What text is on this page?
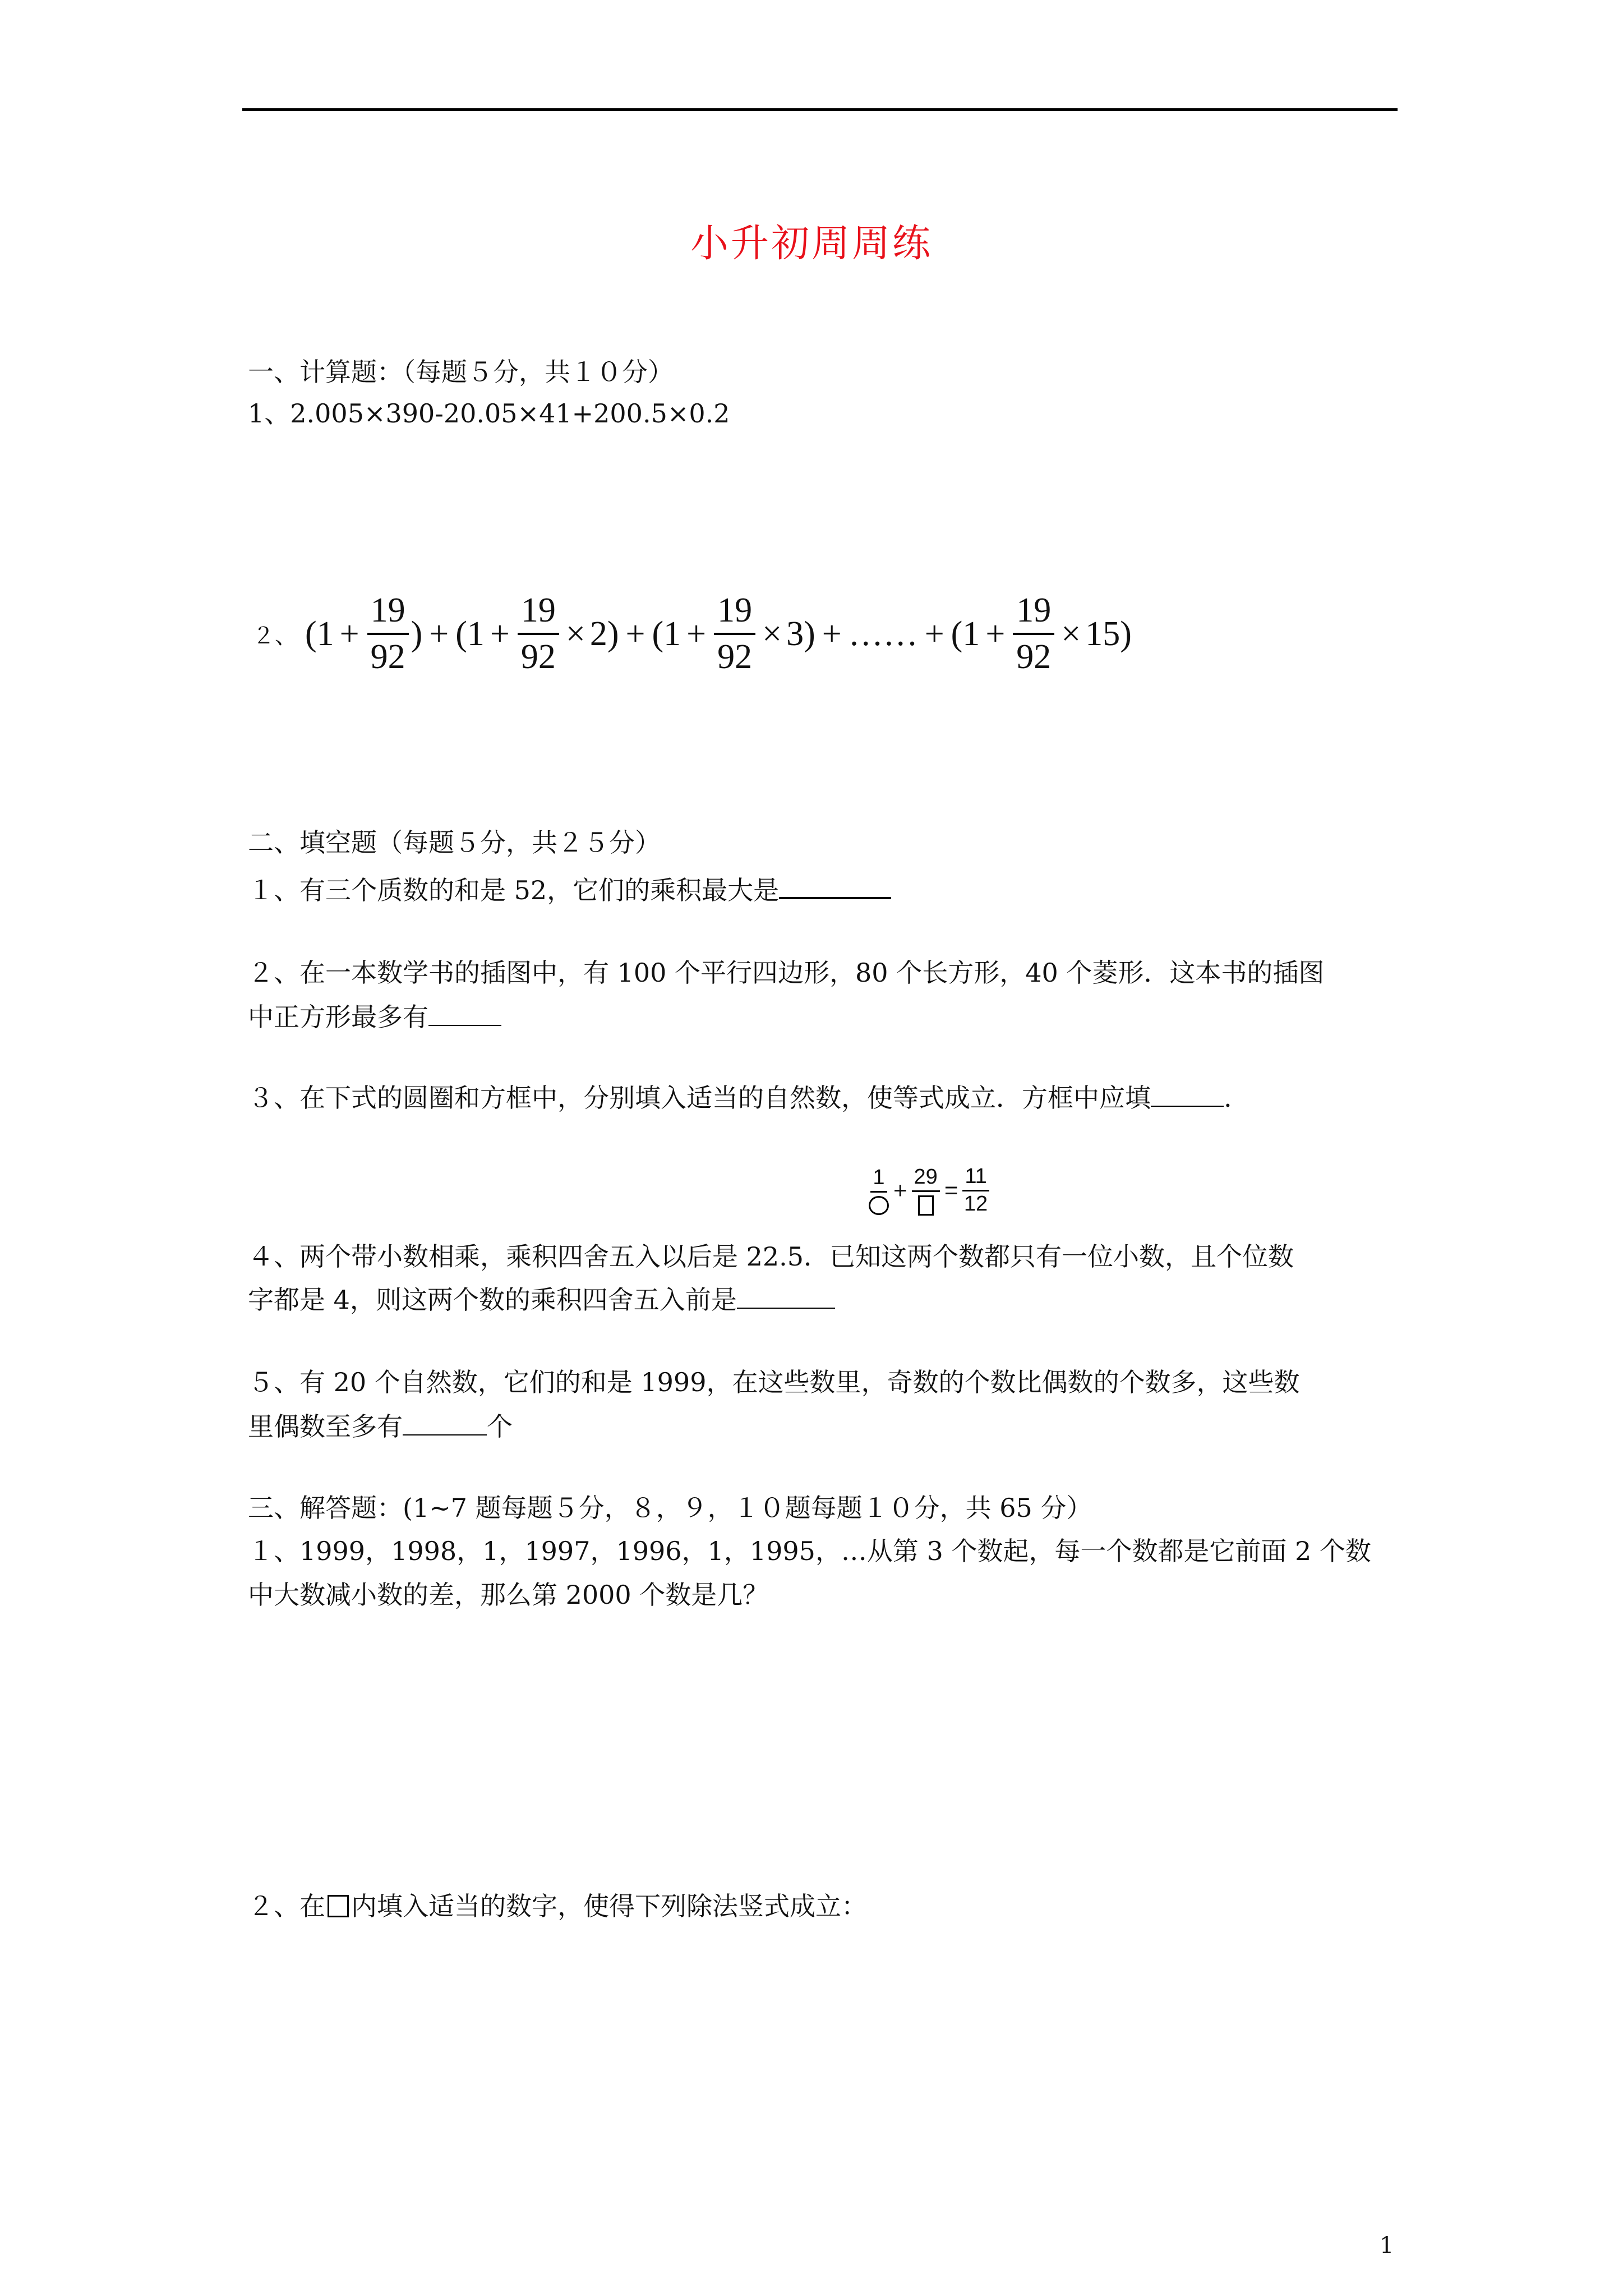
小升初周周练
一、计算题：（每题５分，共１０分）
1、2.005×390-20.05×41+200.5×0.2
２、 ($1 + \frac{19}{92}$ ) + ($1 + \frac{19}{92} \times 2$ ) + ($1 + \frac{19}{92} \times 3$ ) + …… + ($1 + \frac{19}{92} \times 15$ )
二、填空题（每题５分，共２５分）
１、有三个质数的和是 52，它们的乘积最大是
２、在一本数学书的插图中，有 100 个平行四边形，80 个长方形，40 个菱形．这本书的插图
中正方形最多有
３、在下式的圆圈和方框中，分别填入适当的自然数，使等式成立．方框中应填	.
$1 + 29 = \frac{11}{12}$
４、两个带小数相乘，乘积四舍五入以后是 22.5．已知这两个数都只有一位小数，且个位数
字都是 4，则这两个数的乘积四舍五入前是
５、有 20 个自然数，它们的和是 1999，在这些数里，奇数的个数比偶数的个数多，这些数
里偶数至多有	个
三、解答题：(1~7 题每题５分，８，９，１０题每题１０分，共 65 分）
１、1999，1998，1，1997，1996，1，1995，…从第 3 个数起，每一个数都是它前面 2 个数
中大数减小数的差，那么第 2000 个数是几？
２、在 内填入适当的数字，使得下列除法竖式成立：
1
